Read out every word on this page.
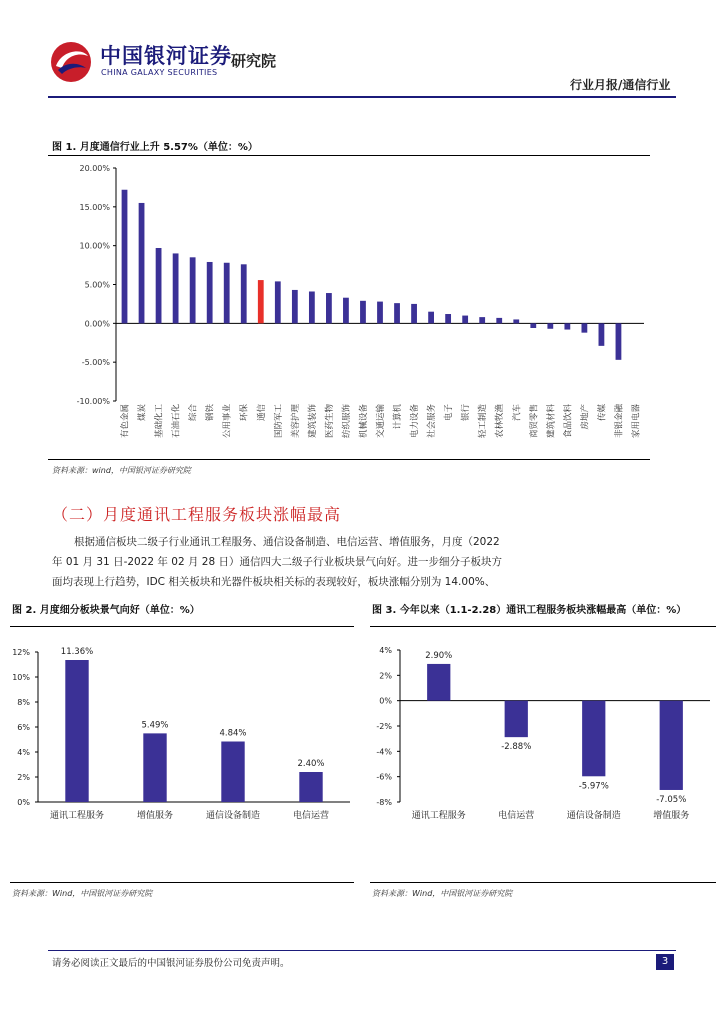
中国银河证券
CHINA GALAXY SECURITIES
研究院
行业月报/通信行业
图 1. 月度通信行业上升 5.57%（单位：%）
20.00%
15.00%
10.00%
5.00%
0.00%
-5.00%
-10.00%
有色金属 煤炭 基础化工 石油石化 综合 钢铁 公用事业 环保 通信 国防军工 美容护理 建筑装饰 医药生物 纺织服饰 机械设备 交通运输 计算机 电力设备 社会服务 电子 银行 轻工制造 农林牧渔 汽车 商贸零售 建筑材料 食品饮料 房地产 传媒 非银金融 家用电器
资料来源：wind，中国银河证券研究院
（二）月度通讯工程服务板块涨幅最高
根据通信板块二级子行业通讯工程服务、通信设备制造、电信运营、增值服务，月度（2022
年 01 月 31 日-2022 年 02 月 28 日）通信四大二级子行业板块景气向好。进一步细分子板块方
面均表现上行趋势，IDC 相关板块和光器件板块相关标的表现较好，板块涨幅分别为 14.00%、
图 2. 月度细分板块景气向好（单位：%）
12%
10%
8%
6%
4%
2%
0%
11.36%
通讯工程服务
5.49%
增值服务
4.84%
通信设备制造
2.40%
电信运营
资料来源：Wind，中国银河证券研究院
图 3. 今年以来（1.1-2.28）通讯工程服务板块涨幅最高（单位：%）
4%
2%
0%
-2%
-4%
-6%
-8%
2.90%
通讯工程服务
-2.88%
电信运营
-5.97%
通信设备制造
-7.05%
增值服务
资料来源：Wind，中国银河证券研究院
请务必阅读正文最后的中国银河证券股份公司免责声明。	3
